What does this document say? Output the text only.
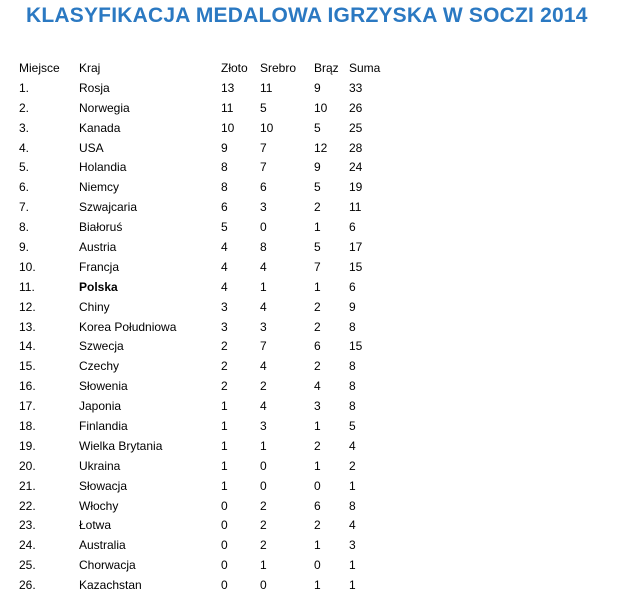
KLASYFIKACJA MEDALOWA IGRZYSKA W SOCZI 2014
Miejsce	Kraj	Złoto	Srebro	Brąz	Suma
1.	Rosja	13	11	9	33
2.	Norwegia	11	5	10	26
3.	Kanada	10	10	5	25
4.	USA	9	7	12	28
5.	Holandia	8	7	9	24
6.	Niemcy	8	6	5	19
7.	Szwajcaria	6	3	2	11
8.	Białoruś	5	0	1	6
9.	Austria	4	8	5	17
10.	Francja	4	4	7	15
11.	Polska	4	1	1	6
12.	Chiny	3	4	2	9
13.	Korea Południowa	3	3	2	8
14.	Szwecja	2	7	6	15
15.	Czechy	2	4	2	8
16.	Słowenia	2	2	4	8
17.	Japonia	1	4	3	8
18.	Finlandia	1	3	1	5
19.	Wielka Brytania	1	1	2	4
20.	Ukraina	1	0	1	2
21.	Słowacja	1	0	0	1
22.	Włochy	0	2	6	8
23.	Łotwa	0	2	2	4
24.	Australia	0	2	1	3
25.	Chorwacja	0	1	0	1
26.	Kazachstan	0	0	1	1
